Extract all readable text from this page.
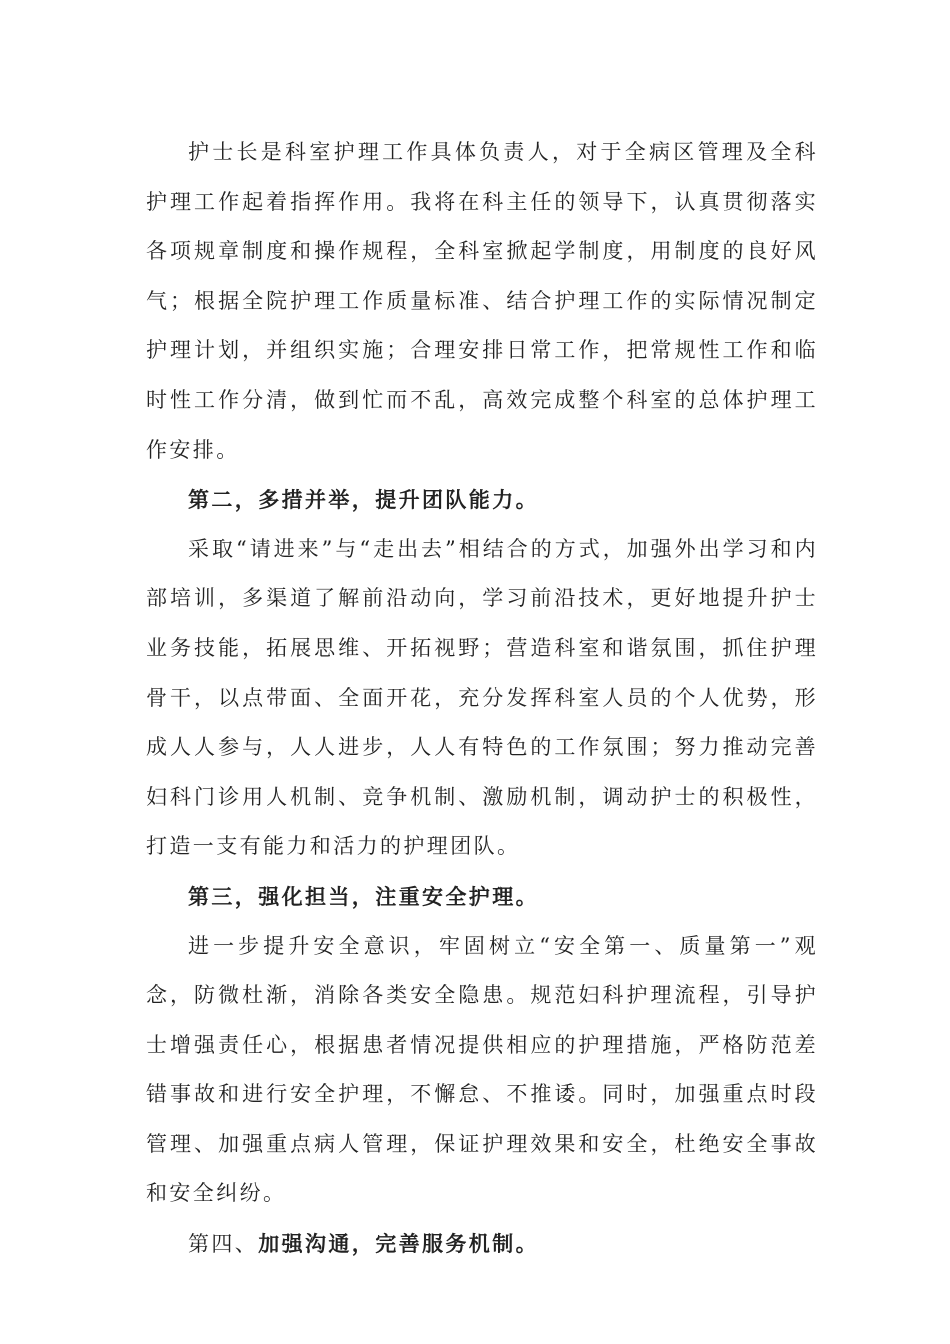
护士长是科室护理工作具体负责人，对于全病区管理及全科护理工作起着指挥作用。我将在科主任的领导下，认真贯彻落实各项规章制度和操作规程，全科室掀起学制度，用制度的良好风气；根据全院护理工作质量标准、结合护理工作的实际情况制定护理计划，并组织实施；合理安排日常工作，把常规性工作和临时性工作分清，做到忙而不乱，高效完成整个科室的总体护理工作安排。

第二，多措并举，提升团队能力。

采取“请进来”与“走出去”相结合的方式，加强外出学习和内部培训，多渠道了解前沿动向，学习前沿技术，更好地提升护士业务技能，拓展思维、开拓视野；营造科室和谐氛围，抓住护理骨干，以点带面、全面开花，充分发挥科室人员的个人优势，形成人人参与，人人进步，人人有特色的工作氛围；努力推动完善妇科门诊用人机制、竞争机制、激励机制，调动护士的积极性，打造一支有能力和活力的护理团队。

第三，强化担当，注重安全护理。

进一步提升安全意识，牢固树立“安全第一、质量第一”观念，防微杜渐，消除各类安全隐患。规范妇科护理流程，引导护士增强责任心，根据患者情况提供相应的护理措施，严格防范差错事故和进行安全护理，不懈怠、不推诿。同时，加强重点时段管理、加强重点病人管理，保证护理效果和安全，杜绝安全事故和安全纠纷。

第四、加强沟通，完善服务机制。
